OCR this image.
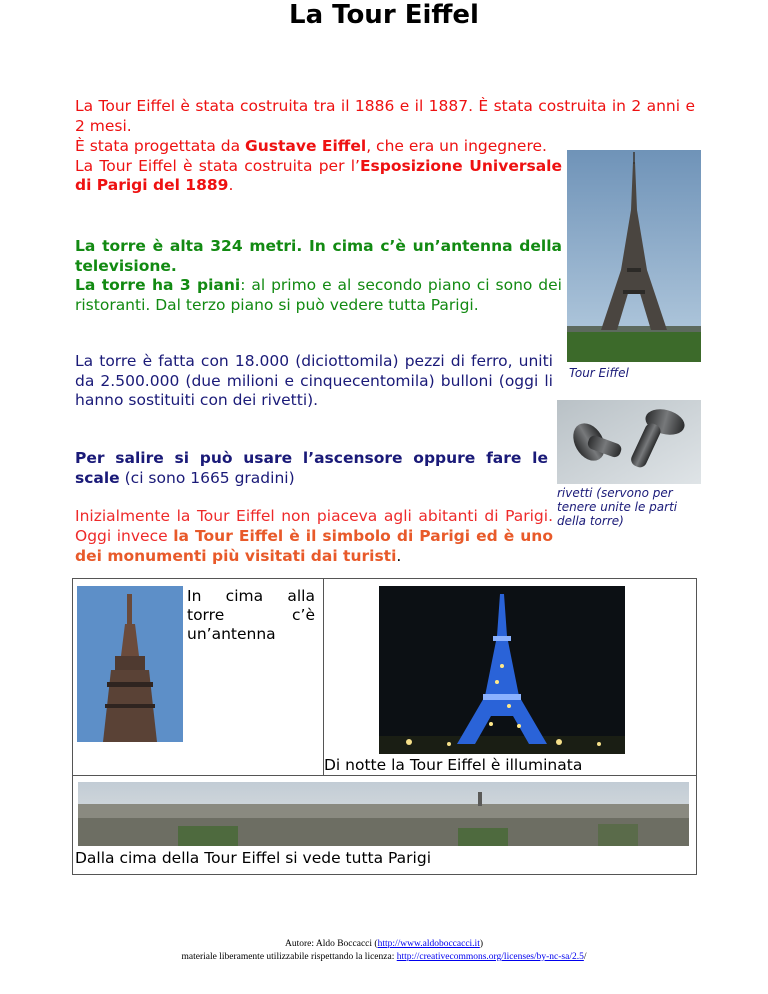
La Tour Eiffel
La Tour Eiffel è stata costruita tra il 1886 e il 1887. È stata costruita in 2 anni e 2 mesi.
È stata progettata da Gustave Eiffel, che era un ingegnere.
La Tour Eiffel è stata costruita per l’Esposizione Universale di Parigi del 1889.
La torre è alta 324 metri. In cima c’è un’antenna della televisione.
La torre ha 3 piani: al primo e al secondo piano ci sono dei ristoranti. Dal terzo piano si può vedere tutta Parigi.
La torre è fatta con 18.000 (diciottomila) pezzi di ferro, uniti da 2.500.000 (due milioni e cinquecentomila) bulloni (oggi li hanno sostituiti con dei rivetti).
Per salire si può usare l’ascensore oppure fare le scale (ci sono 1665 gradini)
Inizialmente la Tour Eiffel non piaceva agli abitanti di Parigi. Oggi invece la Tour Eiffel è il simbolo di Parigi ed è uno dei monumenti più visitati dai turisti.
Tour Eiffel
rivetti (servono per tenere unite le parti della torre)

In cima alla torre c’è un’antenna

Di notte la Tour Eiffel è illuminata

Dalla cima della Tour Eiffel si vede tutta Parigi
Autore: Aldo Boccacci (http://www.aldoboccacci.it)
materiale liberamente utilizzabile rispettando la licenza: http://creativecommons.org/licenses/by-nc-sa/2.5/
